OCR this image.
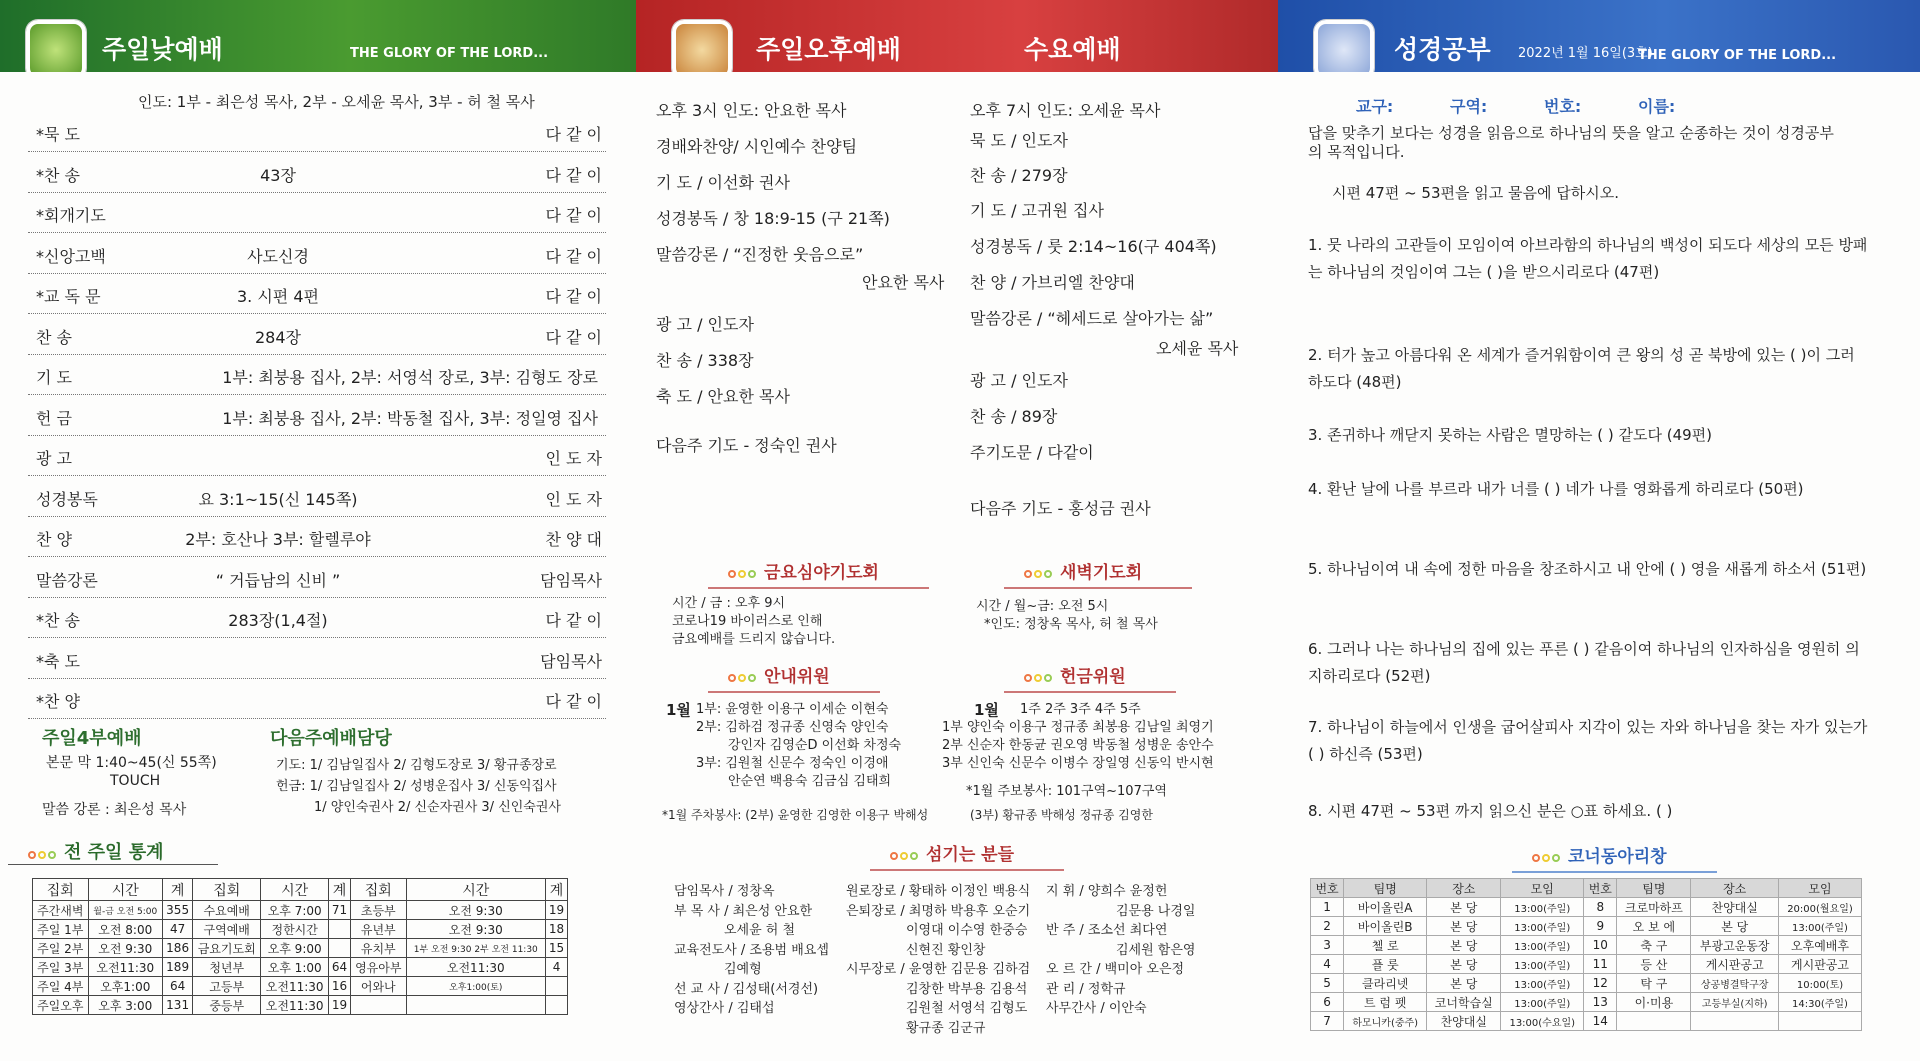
주일낮예배	THE GLORY OF THE LORD...	주일오후예배	수요예배	성경공부 2022년 1월 16일(3호)
THE GLORY OF THE LORD...
인도: 1부 - 최은성 목사, 2부 - 오세윤 목사, 3부 - 허 철 목사
*묵 도	다 같 이
*찬 송	43장	다 같 이
*회개기도	다 같 이
*신앙고백	사도신경	다 같 이
*교 독 문	3. 시편 4편	다 같 이
찬 송	284장	다 같 이
기 도	1부: 최붕용 집사, 2부: 서영석 장로, 3부: 김형도 장로
헌 금	1부: 최붕용 집사, 2부: 박동철 집사, 3부: 정일영 집사
광 고	인 도 자
성경봉독	요 3:1~15(신 145쪽)	인 도 자
찬 양	2부: 호산나 3부: 할렐루야	찬 양 대
말씀강론	“ 거듭남의 신비 ”	담임목사
*찬 송	283장(1,4절)	다 같 이
*축 도	담임목사
*찬 양	다 같 이
주일4부예배
본문 막 1:40~45(신 55쪽)
TOUCH
말씀 강론 : 최은성 목사
다음주예배담당
기도: 1/ 김남일집사 2/ 김형도장로 3/ 황규종장로
헌금: 1/ 김남일집사 2/ 성병운집사 3/ 신동익집사
1/ 양인숙권사 2/ 신순자권사 3/ 신인숙권사
전 주일 통계
집회	시간	계	집회	시간	계	집회	시간	계
주간새벽	월-금 오전 5:00	355	수요예배	오후 7:00	71	초등부	오전 9:30	19
주일 1부	오전 8:00	47	구역예배	정한시간		유년부	오전 9:30	18
주일 2부	오전 9:30	186	금요기도회	오후 9:00		유치부	1부 오전 9:30 2부 오전 11:30	15
주일 3부	오전11:30	189	청년부	오후 1:00	64	영유아부	오전11:30	4
주일 4부	오후1:00	64	고등부	오전11:30	16	어와나	오후1:00(토)	
주일오후	오후 3:00	131	중등부	오전11:30	19			
오후 3시 인도: 안요한 목사
경배와찬양/ 시인예수 찬양팀
기 도 / 이선화 권사
성경봉독 / 창 18:9-15 (구 21쪽)
말씀강론 / “진정한 웃음으로”
광 고 / 인도자
찬 송 / 338장
축 도 / 안요한 목사
다음주 기도 - 정숙인 권사
안요한 목사
오후 7시 인도: 오세윤 목사
묵 도 / 인도자
찬 송 / 279장
기 도 / 고귀원 집사
성경봉독 / 룻 2:14~16(구 404쪽)
찬 양 / 가브리엘 찬양대
말씀강론 / “헤세드로 살아가는 삶”
광 고 / 인도자
찬 송 / 89장
주기도문 / 다같이
다음주 기도 - 홍성금 권사
오세윤 목사
금요심야기도회
시간 / 금 : 오후 9시
코로나19 바이러스로 인해
금요예배를 드리지 않습니다.
새벽기도회
시간 / 월~금: 오전 5시
*인도: 정창옥 목사, 허 철 목사
안내위원
1월 1부: 윤영한 이용구 이세순 이현숙
2부: 김하검 정규종 신영숙 양인숙
강인자 김영순D 이선화 차정숙
3부: 김원철 신문수 정숙인 이경애
안순연 백용숙 김금심 김태희
*1월 주차봉사: (2부) 윤영한 김영한 이용구 박해성
헌금위원
1월 1주 2주 3주 4주 5주
1부 양인숙 이용구 정규종 최봉용 김남일 최영기
2부 신순자 한동균 권오영 박동철 성병운 송안수
3부 신인숙 신문수 이병수 장일영 신동익 반시현
*1월 주보봉사: 101구역~107구역
(3부) 황규종 박해성 정규종 김영한
섬기는 분들
담임목사 / 정창옥
부 목 사 / 최은성 안요한
오세윤 허 철
교육전도사 / 조용범 배요셉
김예형
선 교 사 / 김성태(서경선)
영상간사 / 김태섭
원로장로 / 황태하 이정인 백용식
은퇴장로 / 최명하 박용후 오순기
이영대 이수영 한중승
신현진 황인창
시무장로 / 윤영한 김문용 김하검
김창한 박부용 김용석
김원철 서영석 김형도
황규종 김군규
지 휘 / 양희수 윤정헌
김문용 나경일
반 주 / 조소선 최다연
김세원 함은영
오 르 간 / 백미아 오은정
관 리 / 정학규
사무간사 / 이안숙
교구:	구역:	번호:	이름:
답을 맞추기 보다는 성경을 읽음으로 하나님의 뜻을 알고 순종하는 것이 성경공부의 목적입니다.
시편 47편 ~ 53편을 읽고 물음에 답하시오.
1. 뭇 나라의 고관들이 모임이여 아브라함의 하나님의 백성이 되도다 세상의 모든 방패는 하나님의 것임이여 그는 ( )을 받으시리로다 (47편)
2. 터가 높고 아름다워 온 세계가 즐거워함이여 큰 왕의 성 곧 북방에 있는 ( )이 그러하도다 (48편)
3. 존귀하나 깨닫지 못하는 사람은 멸망하는 ( ) 같도다 (49편)
4. 환난 날에 나를 부르라 내가 너를 ( ) 네가 나를 영화롭게 하리로다 (50편)
5. 하나님이여 내 속에 정한 마음을 창조하시고 내 안에 ( ) 영을 새롭게 하소서 (51편)
6. 그러나 나는 하나님의 집에 있는 푸른 ( ) 같음이여 하나님의 인자하심을 영원히 의지하리로다 (52편)
7. 하나님이 하늘에서 인생을 굽어살피사 지각이 있는 자와 하나님을 찾는 자가 있는가 ( ) 하신즉 (53편)
8. 시편 47편 ~ 53편 까지 읽으신 분은 ○표 하세요. ( )
코너동아리창
번호	팀명	장소	모임	번호	팀명	장소	모임
1	바이올린A	본 당	13:00(주일)	8	크로마하프	찬양대실	20:00(월요일)
2	바이올린B	본 당	13:00(주일)	9	오 보 에	본 당	13:00(주일)
3	첼 로	본 당	13:00(주일)	10	축 구	부광고운동장	오후예배후
4	플 룻	본 당	13:00(주일)	11	등 산	게시판공고	게시판공고
5	클라리넷	본 당	13:00(주일)	12	탁 구	상공병결탁구장	10:00(토)
6	트 럼 펫	코너학습실	13:00(주일)	13	이·미용	고등부실(지하)	14:30(주일)
7	하모니카(중주)	찬양대실	13:00(수요일)	14			
